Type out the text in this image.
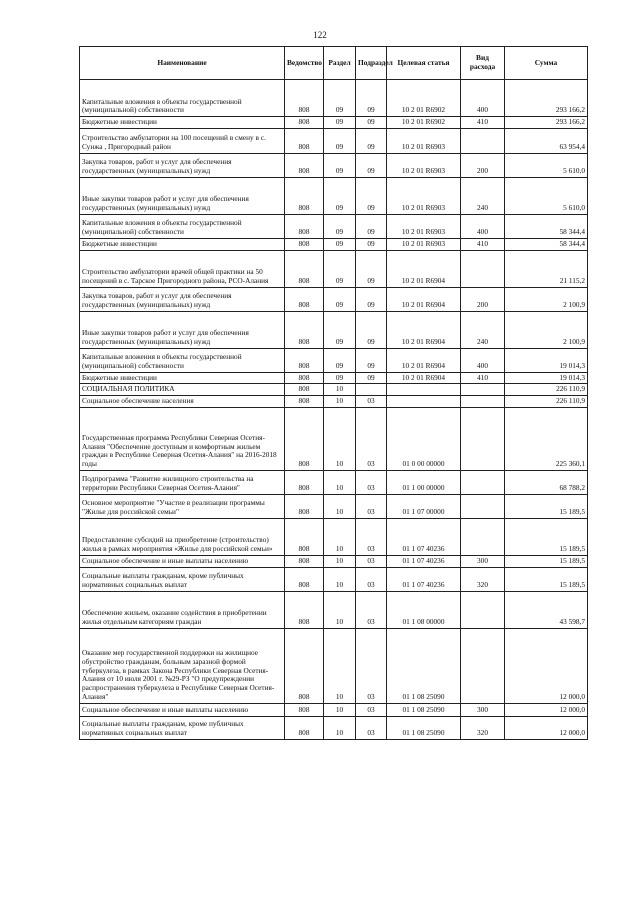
122
Наименование	Ведомство	Раздел	Подраздел	Целевая статья	Вид расхода	Сумма
Капитальные вложения в объекты государственной (муниципальной) собственности	808	09	09	10 2 01 R6902	400	293 166,2
Бюджетные инвестиции	808	09	09	10 2 01 R6902	410	293 166,2
Строительство амбулатории на 100 посещений в смену в с. Сунжа , Пригородный район	808	09	09	10 2 01 R6903		63 954,4
Закупка товаров, работ и услуг для обеспечения государственных (муниципальных) нужд	808	09	09	10 2 01 R6903	200	5 610,0
Иные закупки товаров работ и услуг для обеспечения государственных (муниципальных) нужд	808	09	09	10 2 01 R6903	240	5 610,0
Капитальные вложения в объекты государственной (муниципальной) собственности	808	09	09	10 2 01 R6903	400	58 344,4
Бюджетные инвестиции	808	09	09	10 2 01 R6903	410	58 344,4
Строительство амбулатории врачей общей практики на 50 посещений в с. Тарское Пригородного района, РСО-Алания	808	09	09	10 2 01 R6904		21 115,2
Закупка товаров, работ и услуг для обеспечения государственных (муниципальных) нужд	808	09	09	10 2 01 R6904	200	2 100,9
Иные закупки товаров работ и услуг для обеспечения государственных (муниципальных) нужд	808	09	09	10 2 01 R6904	240	2 100,9
Капитальные вложения в объекты государственной (муниципальной) собственности	808	09	09	10 2 01 R6904	400	19 014,3
Бюджетные инвестиции	808	09	09	10 2 01 R6904	410	19 014,3
СОЦИАЛЬНАЯ ПОЛИТИКА	808	10				226 110,9
Социальное обеспечение населения	808	10	03			226 110,9
Государственная программа Республики Северная Осетия-Алания "Обеспечение доступным и комфортным жильем граждан в Республике Северная Осетия-Алания" на 2016-2018 годы	808	10	03	01 0 00 00000		225 360,1
Подпрограмма "Развитие жилищного строительства на территории Республики Северная Осетия-Алания"	808	10	03	01 1 00 00000		68 788,2
Основное мероприятие "Участие в реализации программы "Жилье для российской семьи"	808	10	03	01 1 07 00000		15 189,5
Предоставление субсидий на приобретение (строительство) жилья в рамках мероприятия «Жилье для российской семьи»	808	10	03	01 1 07 40236		15 189,5
Социальное обеспечение и иные выплаты населению	808	10	03	01 1 07 40236	300	15 189,5
Социальные выплаты гражданам, кроме публичных нормативных социальных выплат	808	10	03	01 1 07 40236	320	15 189,5
Обеспечение жильем, оказание содействия в приобретении жилья отдельным категориям граждан	808	10	03	01 1 08 00000		43 598,7
Оказание мер государственной поддержки на жилищное обустройство гражданам, больным заразной формой туберкулеза, в рамках Закона Республики Северная Осетия-Алания от 10 июля 2001 г. №29-РЗ "О предупреждении распространения туберкулеза в Республике Северная Осетия-Алания"	808	10	03	01 1 08 25090		12 000,0
Социальное обеспечение и иные выплаты населению	808	10	03	01 1 08 25090	300	12 000,0
Социальные выплаты гражданам, кроме публичных нормативных социальных выплат	808	10	03	01 1 08 25090	320	12 000,0
